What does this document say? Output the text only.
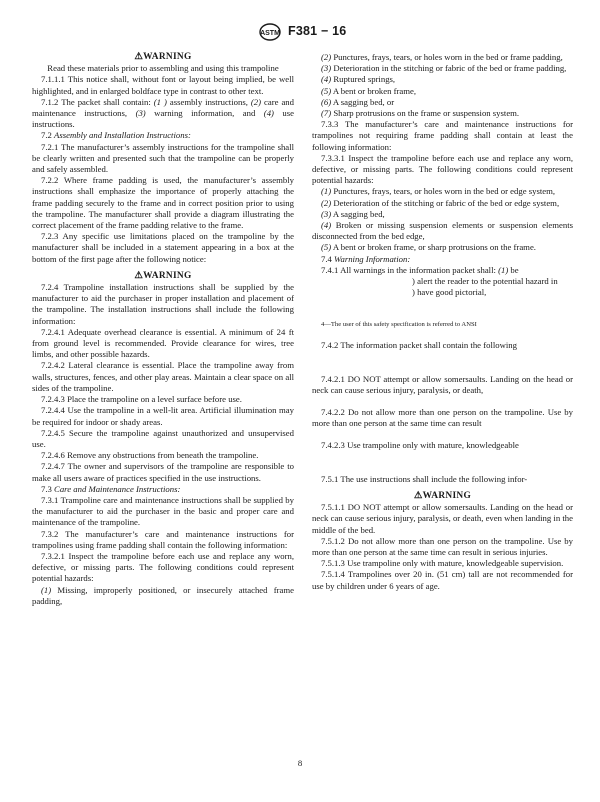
ASTM F381 − 16

⚠WARNING

Read these materials prior to assembling and using this trampoline

7.1.1.1 This notice shall, without font or layout being implied, be well highlighted, and in enlarged boldface type in contrast to other text.

7.1.2 The packet shall contain: (1 ) assembly instructions, (2) care and maintenance instructions, (3) warning information, and (4) use instructions.

7.2 Assembly and Installation Instructions:

7.2.1 The manufacturer’s assembly instructions for the trampoline shall be clearly written and presented such that the trampoline can be properly and safely assembled.

7.2.2 Where frame padding is used, the manufacturer’s assembly instructions shall emphasize the importance of properly attaching the frame padding securely to the frame and in correct position prior to using the trampoline. The manufacturer shall provide a diagram illustrating the correct placement of the frame padding relative to the frame.

7.2.3 Any specific use limitations placed on the trampoline by the manufacturer shall be included in a statement appearing in a box at the bottom of the first page after the following notice:

⚠WARNING

7.2.4 Trampoline installation instructions shall be supplied by the manufacturer to aid the purchaser in proper installation and placement of the trampoline. The installation instructions shall include the following information:

7.2.4.1 Adequate overhead clearance is essential. A minimum of 24 ft from ground level is recommended. Provide clearance for wires, tree limbs, and other possible hazards.

7.2.4.2 Lateral clearance is essential. Place the trampoline away from walls, structures, fences, and other play areas. Maintain a clear space on all sides of the trampoline.

7.2.4.3 Place the trampoline on a level surface before use.

7.2.4.4 Use the trampoline in a well-lit area. Artificial illumination may be required for indoor or shady areas.

7.2.4.5 Secure the trampoline against unauthorized and unsupervised use.

7.2.4.6 Remove any obstructions from beneath the trampoline.

7.2.4.7 The owner and supervisors of the trampoline are responsible to make all users aware of practices specified in the use instructions.

7.3 Care and Maintenance Instructions:

7.3.1 Trampoline care and maintenance instructions shall be supplied by the manufacturer to aid the purchaser in the basic and proper care and maintenance of the trampoline.

7.3.2 The manufacturer’s care and maintenance instructions for trampolines using frame padding shall contain the following information:

7.3.2.1 Inspect the trampoline before each use and replace any worn, defective, or missing parts. The following conditions could represent potential hazards:

(1) Missing, improperly positioned, or insecurely attached frame padding,

(2) Punctures, frays, tears, or holes worn in the bed or frame padding,

(3) Deterioration in the stitching or fabric of the bed or frame padding,

(4) Ruptured springs,

(5) A bent or broken frame,

(6) A sagging bed, or

(7) Sharp protrusions on the frame or suspension system.

7.3.3 The manufacturer’s care and maintenance instructions for trampolines not requiring frame padding shall contain at least the following information:

7.3.3.1 Inspect the trampoline before each use and replace any worn, defective, or missing parts. The following conditions could represent potential hazards:

(1) Punctures, frays, tears, or holes worn in the bed or edge system,

(2) Deterioration of the stitching or fabric of the bed or edge system,

(3) A sagging bed,

(4) Broken or missing suspension elements or suspension elements disconnected from the bed edge,

(5) A bent or broken frame, or sharp protrusions on the frame.

7.4 Warning Information:

7.4.1 All warnings in the information packet shall: (1) be

) alert the reader to the potential hazard in

) have good pictorial,

4—The user of this safety specification is referred to ANSI

7.4.2 The information packet shall contain the following

7.4.2.1 DO NOT attempt or allow somersaults. Landing on the head or neck can cause serious injury, paralysis, or death,

7.4.2.2 Do not allow more than one person on the trampoline. Use by more than one person at the same time can result

7.4.2.3 Use trampoline only with mature, knowledgeable

7.5.1 The use instructions shall include the following infor-

⚠WARNING

7.5.1.1 DO NOT attempt or allow somersaults. Landing on the head or neck can cause serious injury, paralysis, or death, even when landing in the middle of the bed.

7.5.1.2 Do not allow more than one person on the trampoline. Use by more than one person at the same time can result in serious injuries.

7.5.1.3 Use trampoline only with mature, knowledgeable supervision.

7.5.1.4 Trampolines over 20 in. (51 cm) tall are not recommended for use by children under 6 years of age.

8
